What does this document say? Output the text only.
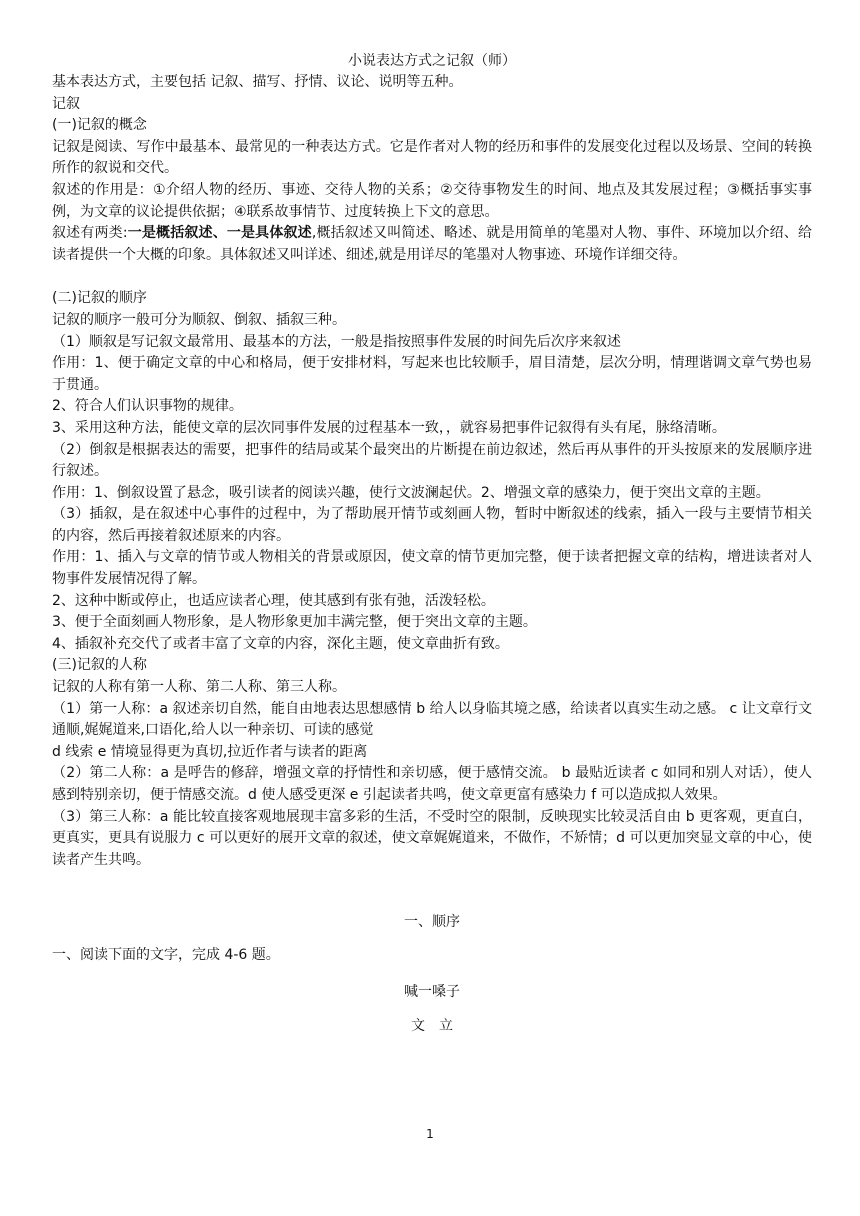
小说表达方式之记叙（师）

基本表达方式，主要包括 记叙、描写、抒情、议论、说明等五种。

记叙

(一)记叙的概念

记叙是阅读、写作中最基本、最常见的一种表达方式。它是作者对人物的经历和事件的发展变化过程以及场景、空间的转换所作的叙说和交代。

叙述的作用是：①介绍人物的经历、事迹、交待人物的关系；②交待事物发生的时间、地点及其发展过程；③概括事实事例，为文章的议论提供依据；④联系故事情节、过度转换上下文的意思。

叙述有两类:一是概括叙述、一是具体叙述,概括叙述又叫简述、略述、就是用简单的笔墨对人物、事件、环境加以介绍、给读者提供一个大概的印象。具体叙述又叫详述、细述,就是用详尽的笔墨对人物事迹、环境作详细交待。

(二)记叙的顺序

记叙的顺序一般可分为顺叙、倒叙、插叙三种。

（1）顺叙是写记叙文最常用、最基本的方法，一般是指按照事件发展的时间先后次序来叙述

作用：1、便于确定文章的中心和格局，便于安排材料，写起来也比较顺手，眉目清楚，层次分明，情理谐调文章气势也易于贯通。

2、符合人们认识事物的规律。

3、采用这种方法，能使文章的层次同事件发展的过程基本一致，，就容易把事件记叙得有头有尾，脉络清晰。

（2）倒叙是根据表达的需要，把事件的结局或某个最突出的片断提在前边叙述，然后再从事件的开头按原来的发展顺序进行叙述。

作用：1、倒叙设置了悬念，吸引读者的阅读兴趣，使行文波澜起伏。2、增强文章的感染力，便于突出文章的主题。

（3）插叙，是在叙述中心事件的过程中，为了帮助展开情节或刻画人物，暂时中断叙述的线索，插入一段与主要情节相关的内容，然后再接着叙述原来的内容。

作用：1、插入与文章的情节或人物相关的背景或原因，使文章的情节更加完整，便于读者把握文章的结构，增进读者对人物事件发展情况得了解。

2、这种中断或停止，也适应读者心理，使其感到有张有弛，活泼轻松。

3、便于全面刻画人物形象，是人物形象更加丰满完整，便于突出文章的主题。

4、插叙补充交代了或者丰富了文章的内容，深化主题，使文章曲折有致。

(三)记叙的人称

记叙的人称有第一人称、第二人称、第三人称。

（1）第一人称：a 叙述亲切自然，能自由地表达思想感情 b 给人以身临其境之感，给读者以真实生动之感。 c 让文章行文通顺,娓娓道来,口语化,给人以一种亲切、可读的感觉

d 线索 e 情境显得更为真切,拉近作者与读者的距离

（2）第二人称：a 是呼告的修辞，增强文章的抒情性和亲切感，便于感情交流。 b 最贴近读者 c 如同和别人对话），使人感到特别亲切，便于情感交流。d 使人感受更深 e 引起读者共鸣，使文章更富有感染力 f 可以造成拟人效果。

（3）第三人称：a 能比较直接客观地展现丰富多彩的生活，不受时空的限制，反映现实比较灵活自由 b 更客观，更直白，更真实，更具有说服力 c 可以更好的展开文章的叙述，使文章娓娓道来，不做作，不矫情；d 可以更加突显文章的中心，使读者产生共鸣。

一、顺序

一、阅读下面的文字，完成 4-6 题。

喊一嗓子

文　立

1
